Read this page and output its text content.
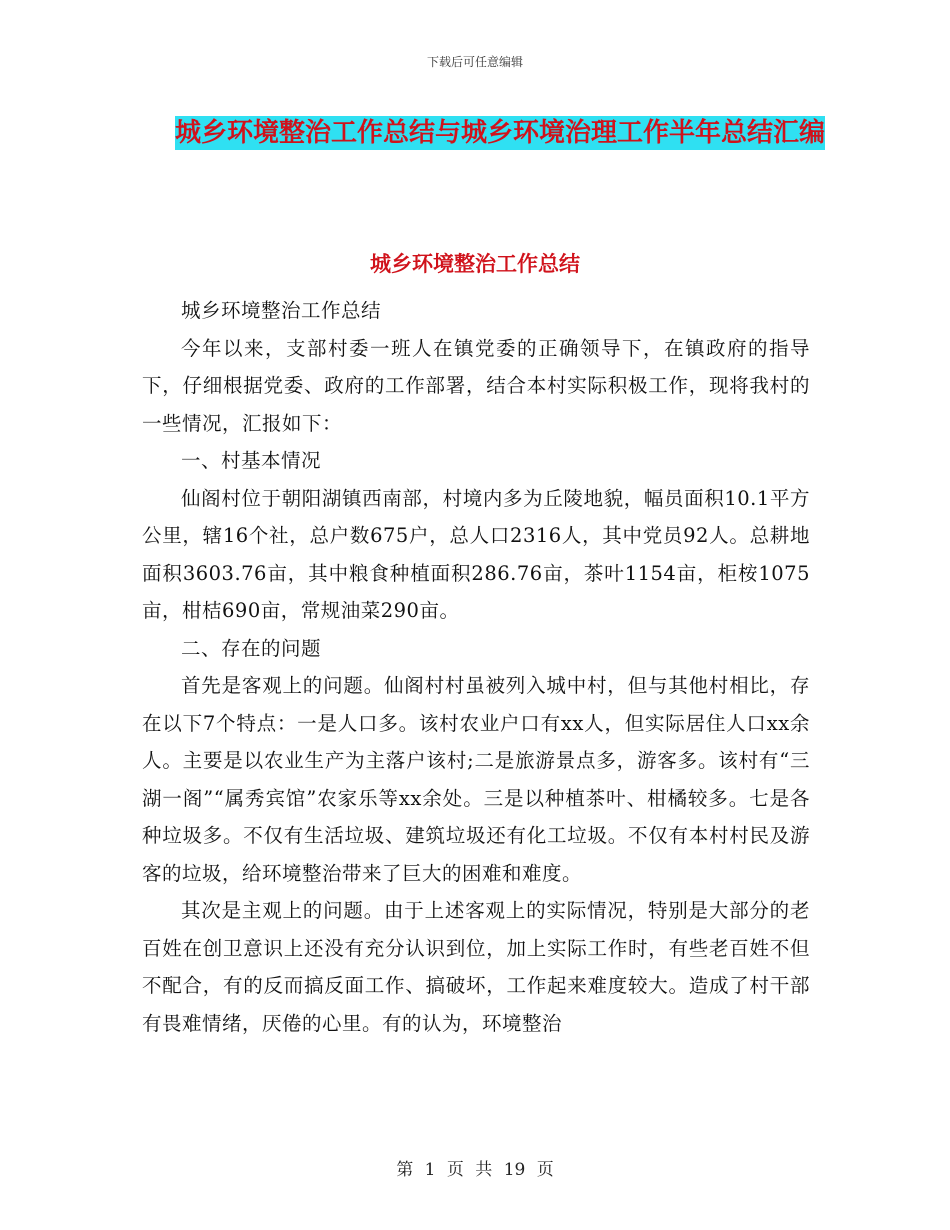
下载后可任意编辑
城乡环境整治工作总结与城乡环境治理工作半年总结汇编
城乡环境整治工作总结

城乡环境整治工作总结

今年以来，支部村委一班人在镇党委的正确领导下，在镇政府的指导下，仔细根据党委、政府的工作部署，结合本村实际积极工作，现将我村的一些情况，汇报如下：

一、村基本情况

仙阁村位于朝阳湖镇西南部，村境内多为丘陵地貌，幅员面积10.1平方公里，辖16个社，总户数675户，总人口2316人，其中党员92人。总耕地面积3603.76亩，其中粮食种植面积286.76亩，茶叶1154亩，柜桉1075亩，柑桔690亩，常规油菜290亩。

二、存在的问题

首先是客观上的问题。仙阁村村虽被列入城中村，但与其他村相比，存在以下7个特点：一是人口多。该村农业户口有xx人，但实际居住人口xx余人。主要是以农业生产为主落户该村;二是旅游景点多，游客多。该村有“三湖一阁”“属秀宾馆”农家乐等xx余处。三是以种植茶叶、柑橘较多。七是各种垃圾多。不仅有生活垃圾、建筑垃圾还有化工垃圾。不仅有本村村民及游客的垃圾，给环境整治带来了巨大的困难和难度。

其次是主观上的问题。由于上述客观上的实际情况，特别是大部分的老百姓在创卫意识上还没有充分认识到位，加上实际工作时，有些老百姓不但不配合，有的反而搞反面工作、搞破坏，工作起来难度较大。造成了村干部有畏难情绪，厌倦的心里。有的认为，环境整治

第 1 页 共 19 页
